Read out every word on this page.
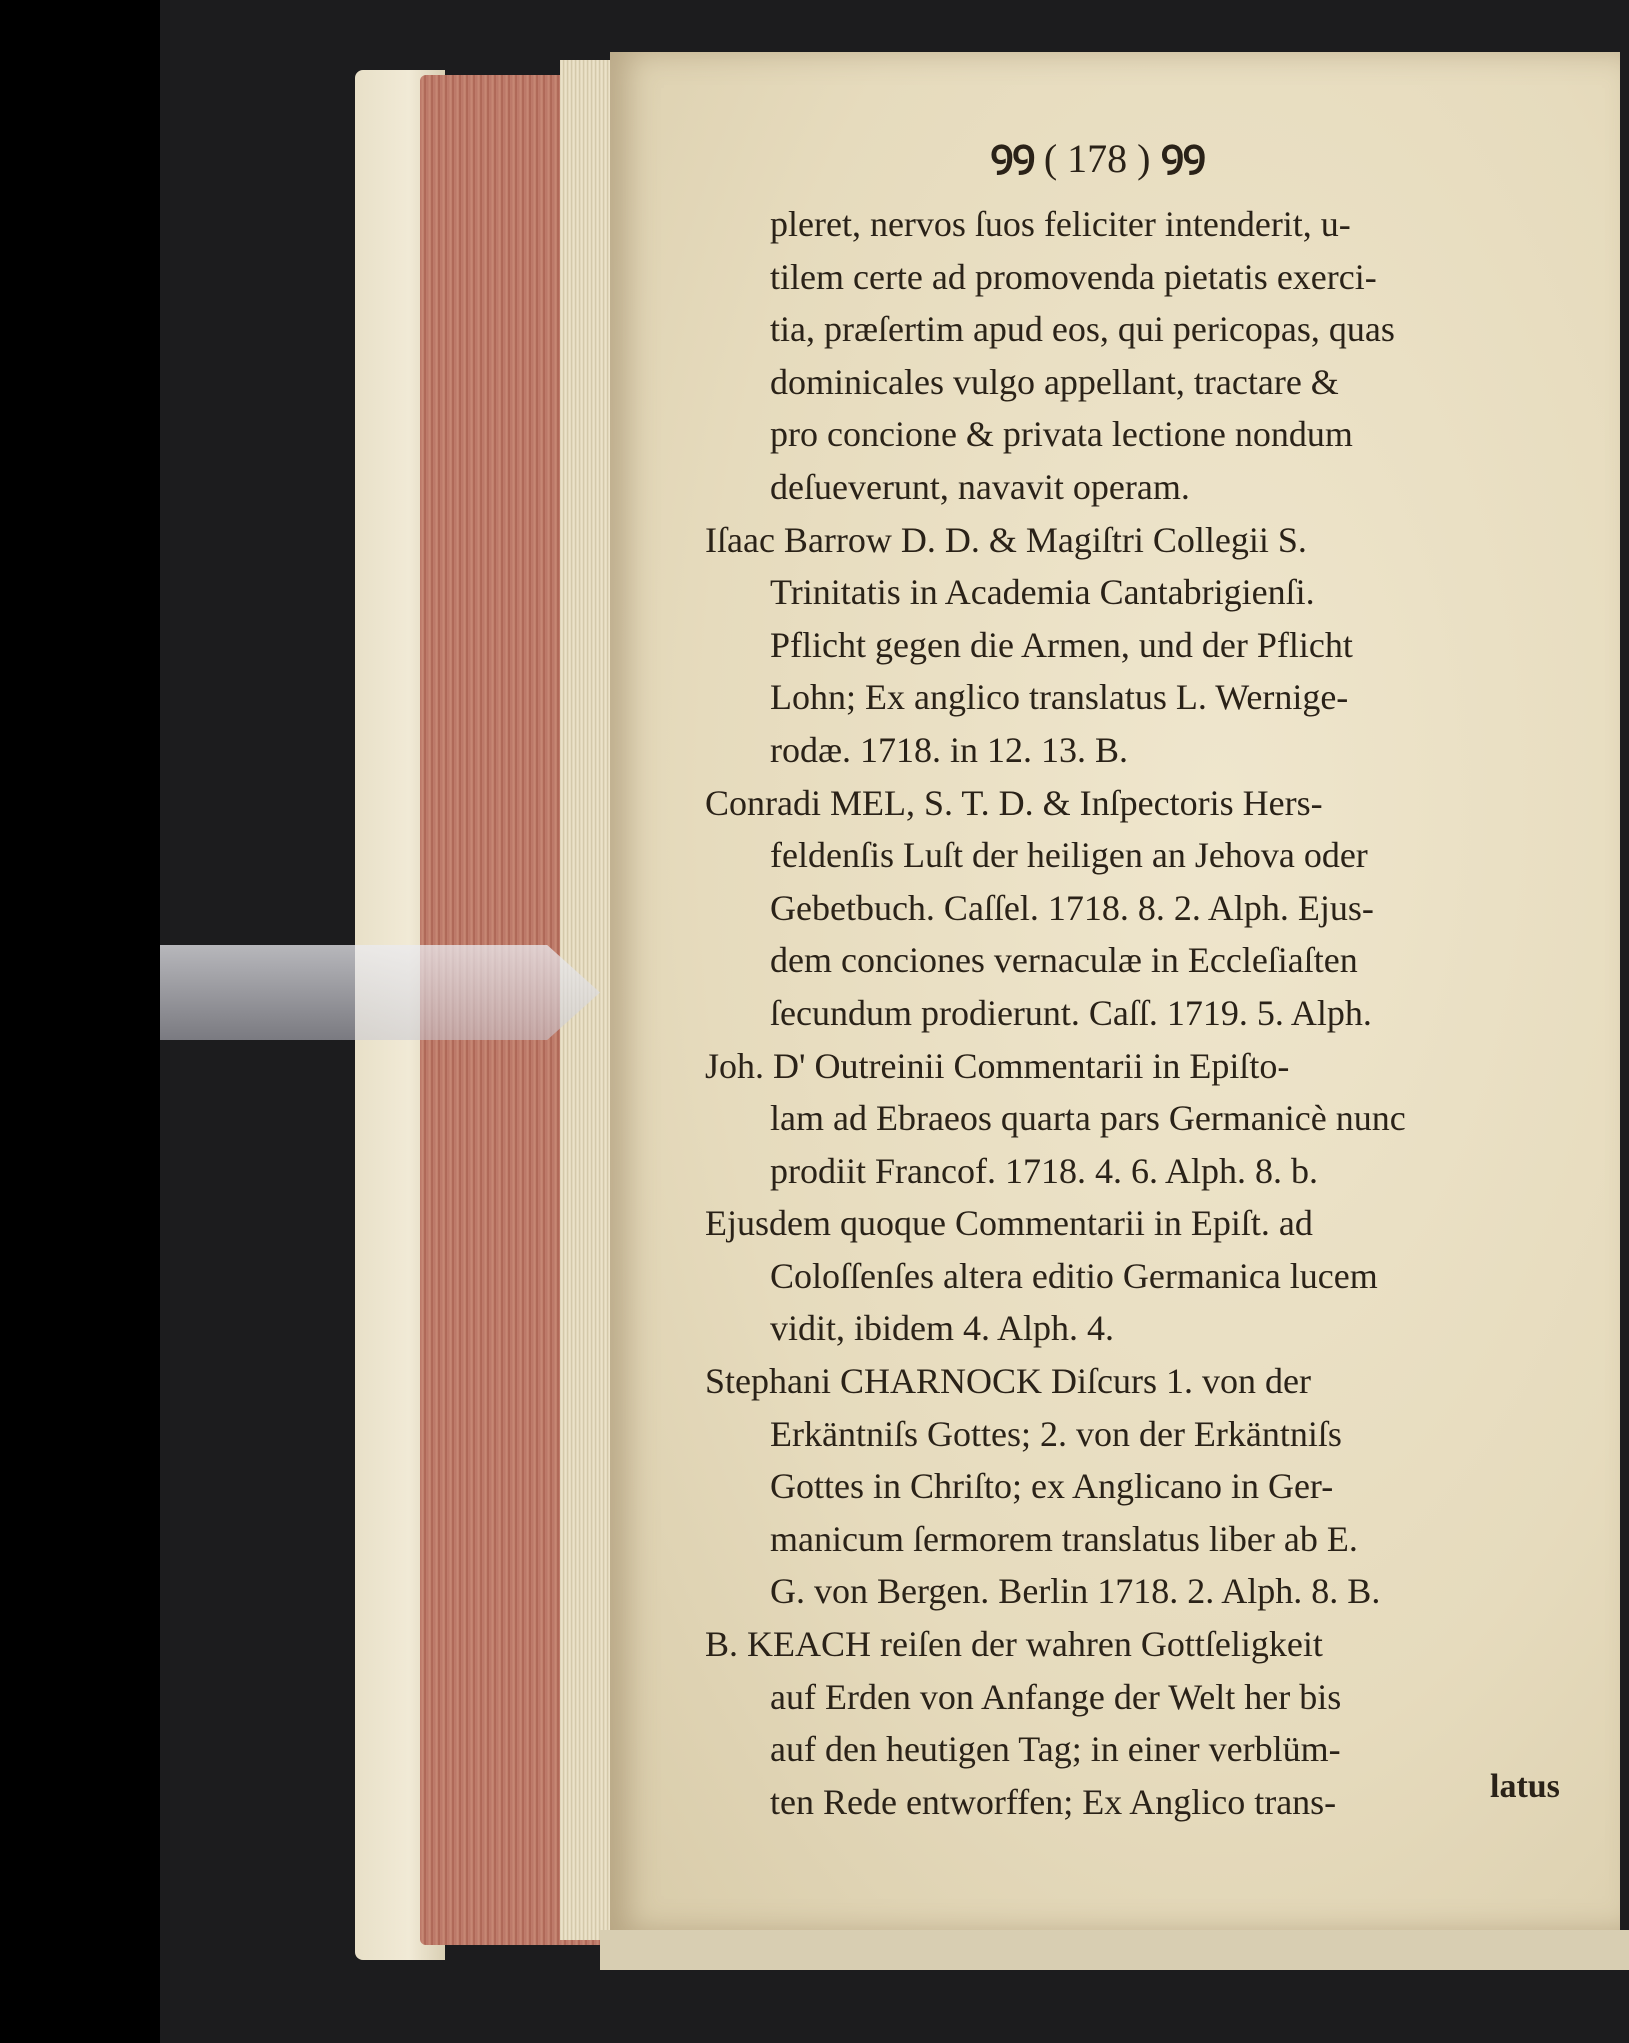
ꝮꝮ ( 178 ) ꝮꝮ
pleret, nervos ſuos feliciter intenderit, u-
tilem certe ad promovenda pietatis exerci-
tia, præſertim apud eos, qui pericopas, quas
dominicales vulgo appellant, tractare &
pro concione & privata lectione nondum
deſueverunt, navavit operam.
Iſaac Barrow D. D. & Magiſtri Collegii S.
Trinitatis in Academia Cantabrigienſi.
Pflicht gegen die Armen, und der Pflicht
Lohn; Ex anglico translatus L. Wernige-
rodæ. 1718. in 12. 13. B.
Conradi MEL, S. T. D. & Inſpectoris Hers-
feldenſis Luſt der heiligen an Jehova oder
Gebetbuch. Caſſel. 1718. 8. 2. Alph. Ejus-
dem conciones vernaculæ in Eccleſiaſten
ſecundum prodierunt. Caſſ. 1719. 5. Alph.
Joh. D' Outreinii Commentarii in Epiſto-
lam ad Ebraeos quarta pars Germanicè nunc
prodiit Francof. 1718. 4. 6. Alph. 8. b.
Ejusdem quoque Commentarii in Epiſt. ad
Coloſſenſes altera editio Germanica lucem
vidit, ibidem 4. Alph. 4.
Stephani CHARNOCK Diſcurs 1. von der
Erkäntniſs Gottes; 2. von der Erkäntniſs
Gottes in Chriſto; ex Anglicano in Ger-
manicum ſermorem translatus liber ab E.
G. von Bergen. Berlin 1718. 2. Alph. 8. B.
B. KEACH reiſen der wahren Gottſeligkeit
auf Erden von Anfange der Welt her bis
auf den heutigen Tag; in einer verblüm-
ten Rede entworffen; Ex Anglico trans-	latus
